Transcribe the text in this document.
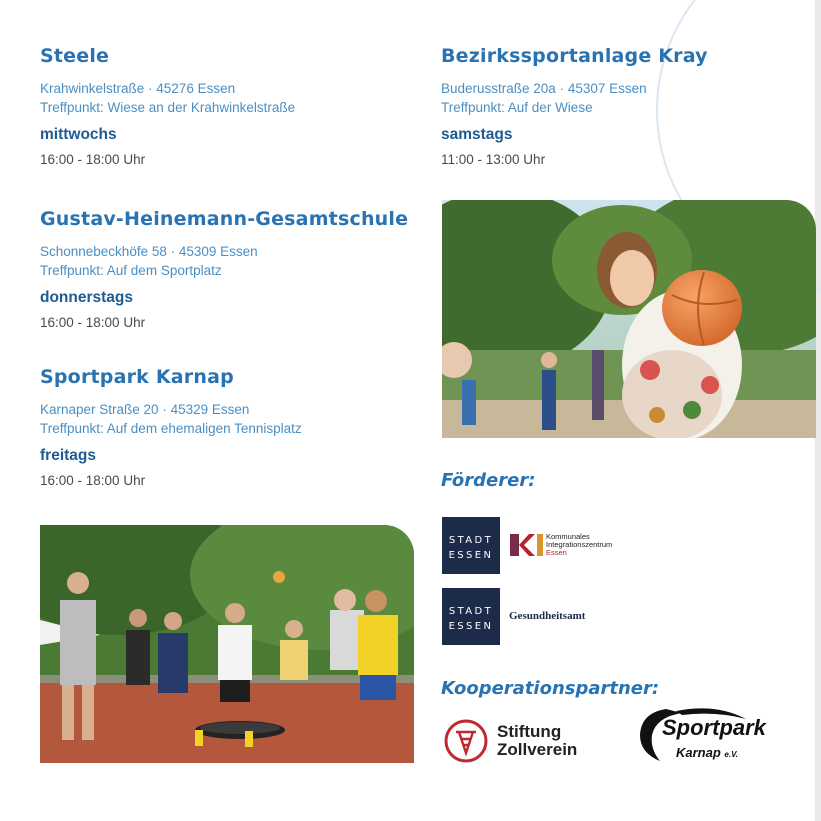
Steele
Krahwinkelstraße · 45276 Essen
Treffpunkt: Wiese an der Krahwinkelstraße
mittwochs
16:00 - 18:00 Uhr
Gustav-Heinemann-Gesamtschule
Schonnebeckhöfe 58 · 45309 Essen
Treffpunkt: Auf dem Sportplatz
donnerstags
16:00 - 18:00 Uhr
Sportpark Karnap
Karnaper Straße 20 · 45329 Essen
Treffpunkt: Auf dem ehemaligen Tennisplatz
freitags
16:00 - 18:00 Uhr
Bezirkssportanlage Kray
Buderusstraße 20a · 45307 Essen
Treffpunkt: Auf der Wiese
samstags
11:00 - 13:00 Uhr
Förderer:
STADT
ESSEN
Kommunales
Integrationszentrum
Essen
STADT
ESSEN
Gesundheitsamt
Kooperationspartner:
Stiftung
Zollverein
Sportpark
Karnap e.V.
